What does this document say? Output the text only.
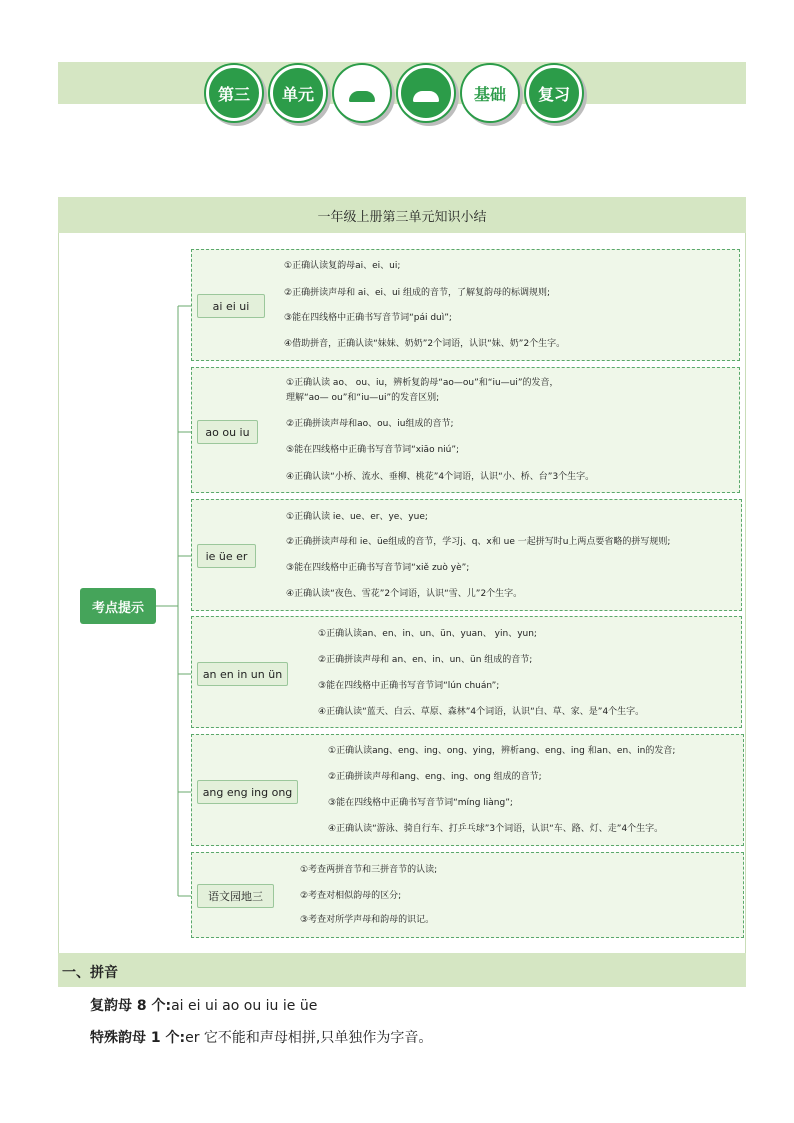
第三 单元	基础 复习
一年级上册第三单元知识小结
考点提示
ai ei ui
ao ou iu
ie üe er
an en in un ün
ang eng ing ong
语文园地三
①正确认读复韵母ai、ei、ui;
②正确拼读声母和 ai、ei、ui 组成的音节，了解复韵母的标调规则;
③能在四线格中正确书写音节词“pái duì”;
④借助拼音，正确认读“妹妹、奶奶”2个词语，认识“妹、奶”2个生字。
①正确认读 ao、 ou、iu，辨析复韵母“ao—ou”和“iu—ui”的发音，
理解“ao— ou”和“iu—ui”的发音区别;
②正确拼读声母和ao、ou、iu组成的音节;
⑤能在四线格中正确书写音节词“xiāo niú”;
④正确认读“小桥、流水、垂柳、桃花”4个词语，认识“小、桥、台”3个生字。
①正确认读 ie、ue、er、ye、yue;
②正确拼读声母和 ie、üe组成的音节，学习j、q、x和 ue 一起拼写时u上两点要省略的拼写规则;
③能在四线格中正确书写音节词“xiě zuò yè”;
④正确认读“夜色、雪花”2个词语，认识“雪、儿”2个生字。
①正确认读an、en、in、un、ün、yuan、 yin、yun;
②正确拼读声母和 an、en、in、un、ün 组成的音节;
③能在四线格中正确书写音节词“lún chuán”;
④正确认读“蓝天、白云、草原、森林”4个词语，认识“白、草、家、是”4个生字。
①正确认读ang、eng、ing、ong、ying，辨析ang、eng、ing 和an、en、in的发音;
②正确拼读声母和ang、eng、ing、ong 组成的音节;
③能在四线格中正确书写音节词“míng liàng”;
④正确认读“游泳、骑自行车、打乒乓球”3个词语，认识“车、路、灯、走”4个生字。
①考查两拼音节和三拼音节的认读;
②考查对相似韵母的区分;
③考查对所学声母和韵母的识记。
一、拼音
复韵母 8 个:ai ei ui ao ou iu ie üe
特殊韵母 1 个:er 它不能和声母相拼,只单独作为字音。
